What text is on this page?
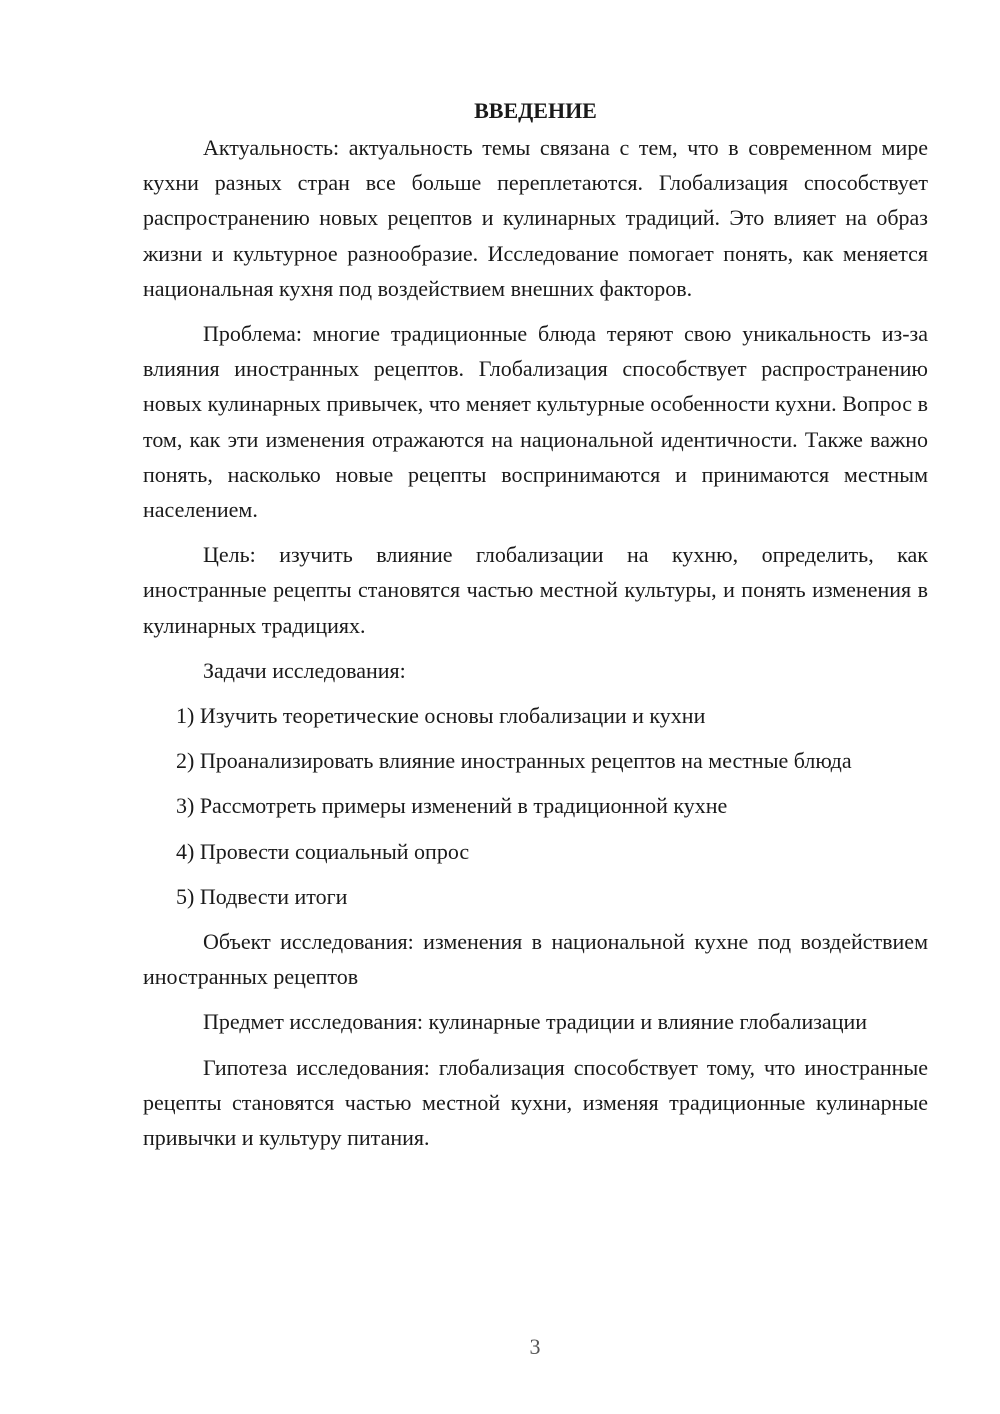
ВВЕДЕНИЕ

Актуальность: актуальность темы связана с тем, что в современном мире кухни разных стран все больше переплетаются. Глобализация способствует распространению новых рецептов и кулинарных традиций. Это влияет на образ жизни и культурное разнообразие. Исследование помогает понять, как меняется национальная кухня под воздействием внешних факторов.

Проблема: многие традиционные блюда теряют свою уникальность из-за влияния иностранных рецептов. Глобализация способствует распространению новых кулинарных привычек, что меняет культурные особенности кухни. Вопрос в том, как эти изменения отражаются на национальной идентичности. Также важно понять, насколько новые рецепты воспринимаются и принимаются местным населением.

Цель: изучить влияние глобализации на кухню, определить, как иностранные рецепты становятся частью местной культуры, и понять изменения в кулинарных традициях.

Задачи исследования:

1) Изучить теоретические основы глобализации и кухни

2) Проанализировать влияние иностранных рецептов на местные блюда

3) Рассмотреть примеры изменений в традиционной кухне

4) Провести социальный опрос

5) Подвести итоги

Объект исследования: изменения в национальной кухне под воздействием иностранных рецептов

Предмет исследования: кулинарные традиции и влияние глобализации

Гипотеза исследования: глобализация способствует тому, что иностранные рецепты становятся частью местной кухни, изменяя традиционные кулинарные привычки и культуру питания.

3
